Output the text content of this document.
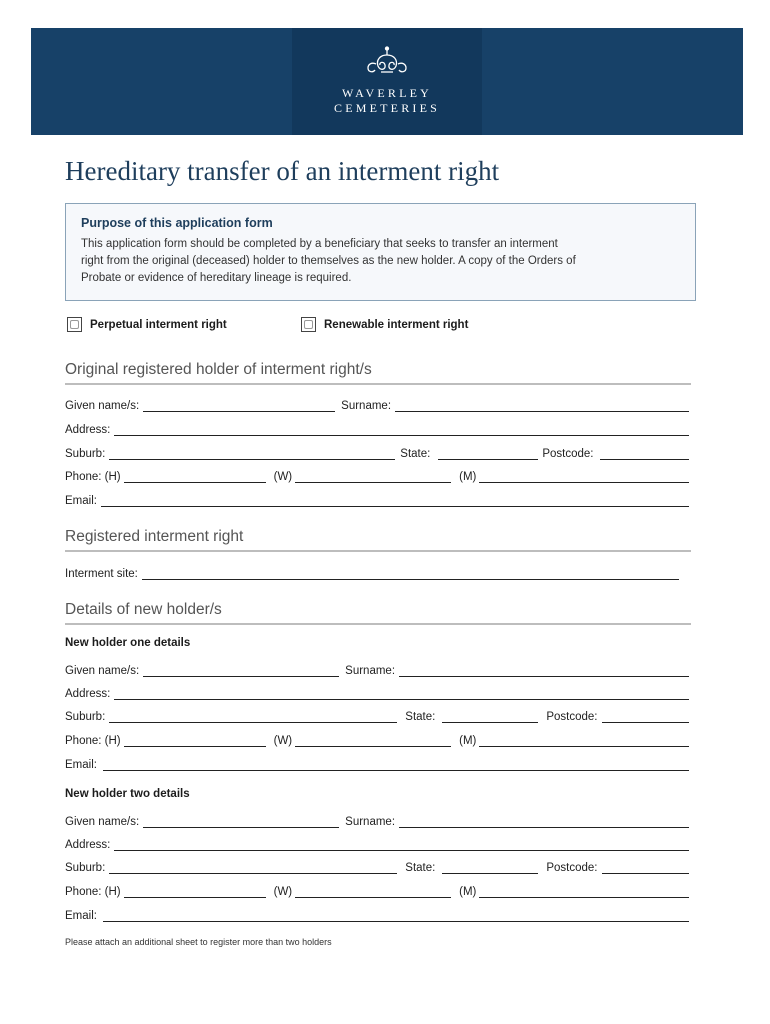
WAVERLEY
CEMETERIES
Hereditary transfer of an interment right
Purpose of this application form
This application form should be completed by a beneficiary that seeks to transfer an interment
right from the original (deceased) holder to themselves as the new holder. A copy of the Orders of
Probate or evidence of hereditary lineage is required.
Perpetual interment right	Renewable interment right
Original registered holder of interment right/s
Given name/s:	Surname:
Address:
Suburb:	State:	Postcode:
Phone: (H)	(W)	(M)
Email:
Registered interment right
Interment site:
Details of new holder/s
New holder one details
Given name/s:	Surname:
Address:
Suburb:	State:	Postcode:
Phone: (H)	(W)	(M)
Email:
New holder two details
Given name/s:	Surname:
Address:
Suburb:	State:	Postcode:
Phone: (H)	(W)	(M)
Email:
Please attach an additional sheet to register more than two holders
